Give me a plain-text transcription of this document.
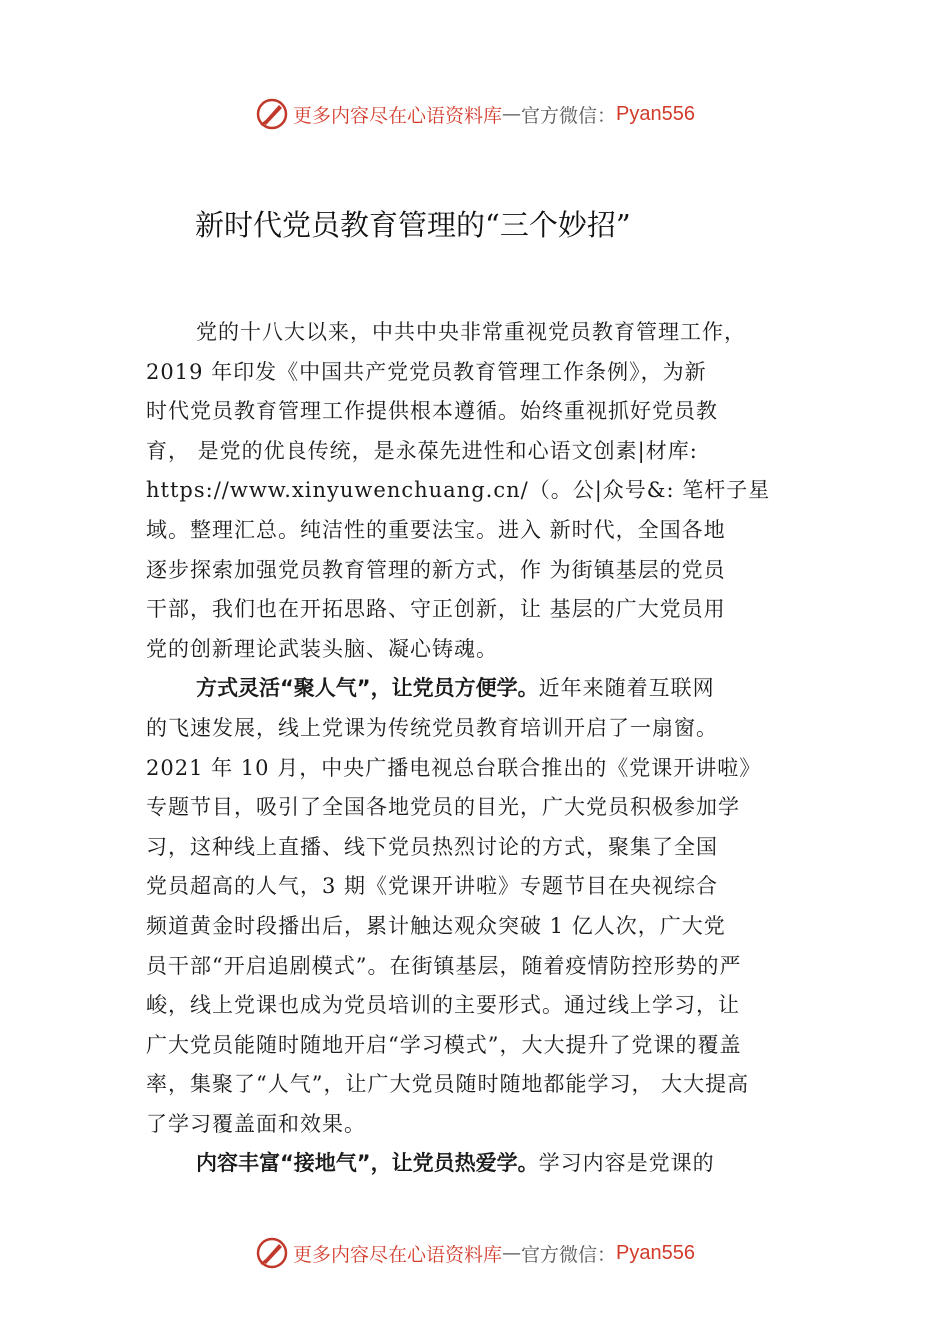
更多内容尽在心语资料库 — 官方微信： Pyan556
新时代党员教育管理的“三个妙招”

党的十八大以来，中共中央非常重视党员教育管理工作，
2019 年印发《中国共产党党员教育管理工作条例》，为新
时代党员教育管理工作提供根本遵循。始终重视抓好党员教
育， 是党的优良传统，是永葆先进性和心语文创素|材库:
https://www.xinyuwenchuang.cn/（。公|众号&: 笔杆子星
域。整理汇总。纯洁性的重要法宝。进入 新时代，全国各地
逐步探索加强党员教育管理的新方式，作 为街镇基层的党员
干部，我们也在开拓思路、守正创新，让 基层的广大党员用
党的创新理论武装头脑、凝心铸魂。

方式灵活“聚人气”，让党员方便学。近年来随着互联网
的飞速发展，线上党课为传统党员教育培训开启了一扇窗。
2021 年 10 月，中央广播电视总台联合推出的《党课开讲啦》
专题节目，吸引了全国各地党员的目光，广大党员积极参加学
习，这种线上直播、线下党员热烈讨论的方式，聚集了全国
党员超高的人气，3 期《党课开讲啦》专题节目在央视综合
频道黄金时段播出后，累计触达观众突破 1 亿人次，广大党
员干部“开启追剧模式”。在街镇基层，随着疫情防控形势的严
峻，线上党课也成为党员培训的主要形式。通过线上学习，让
广大党员能随时随地开启“学习模式”，大大提升了党课的覆盖
率，集聚了“人气”，让广大党员随时随地都能学习， 大大提高
了学习覆盖面和效果。

内容丰富“接地气”，让党员热爱学。学习内容是党课的

更多内容尽在心语资料库 — 官方微信： Pyan556
